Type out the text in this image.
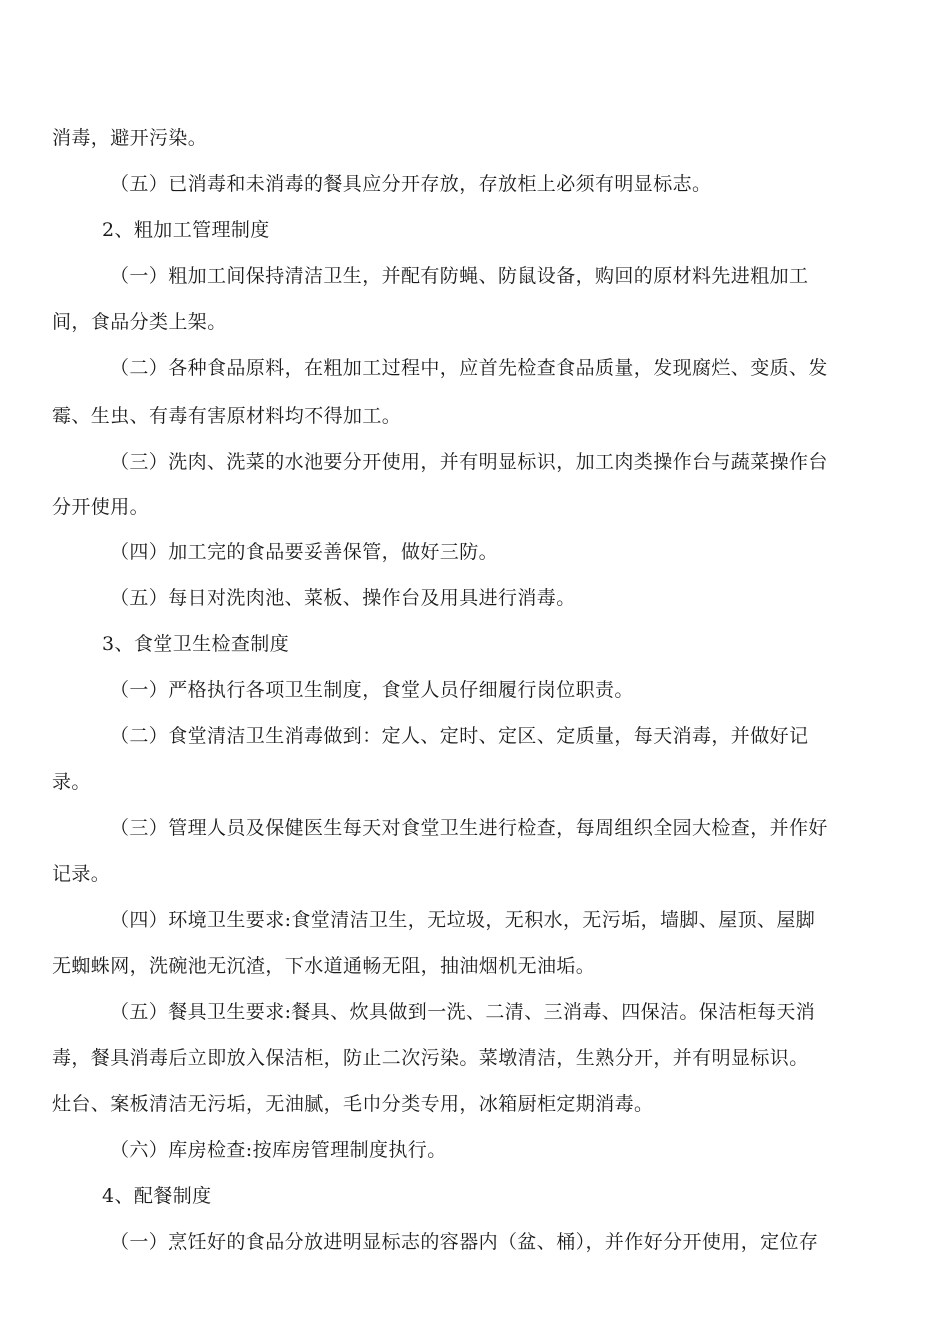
消毒，避开污染。
（五）已消毒和未消毒的餐具应分开存放，存放柜上必须有明显标志。
2、粗加工管理制度
（一）粗加工间保持清洁卫生，并配有防蝇、防鼠设备，购回的原材料先进粗加工
间，食品分类上架。
（二）各种食品原料，在粗加工过程中，应首先检查食品质量，发现腐烂、变质、发
霉、生虫、有毒有害原材料均不得加工。
（三）洗肉、洗菜的水池要分开使用，并有明显标识，加工肉类操作台与蔬菜操作台
分开使用。
（四）加工完的食品要妥善保管，做好三防。
（五）每日对洗肉池、菜板、操作台及用具进行消毒。
3、食堂卫生检查制度
（一）严格执行各项卫生制度，食堂人员仔细履行岗位职责。
（二）食堂清洁卫生消毒做到：定人、定时、定区、定质量，每天消毒，并做好记
录。
（三）管理人员及保健医生每天对食堂卫生进行检查，每周组织全园大检查，并作好
记录。
（四）环境卫生要求:食堂清洁卫生，无垃圾，无积水，无污垢，墙脚、屋顶、屋脚
无蜘蛛网，洗碗池无沉渣，下水道通畅无阻，抽油烟机无油垢。
（五）餐具卫生要求:餐具、炊具做到一洗、二清、三消毒、四保洁。保洁柜每天消
毒，餐具消毒后立即放入保洁柜，防止二次污染。菜墩清洁，生熟分开，并有明显标识。
灶台、案板清洁无污垢，无油腻，毛巾分类专用，冰箱厨柜定期消毒。
（六）库房检查:按库房管理制度执行。
4、配餐制度
（一）烹饪好的食品分放进明显标志的容器内（盆、桶），并作好分开使用，定位存
